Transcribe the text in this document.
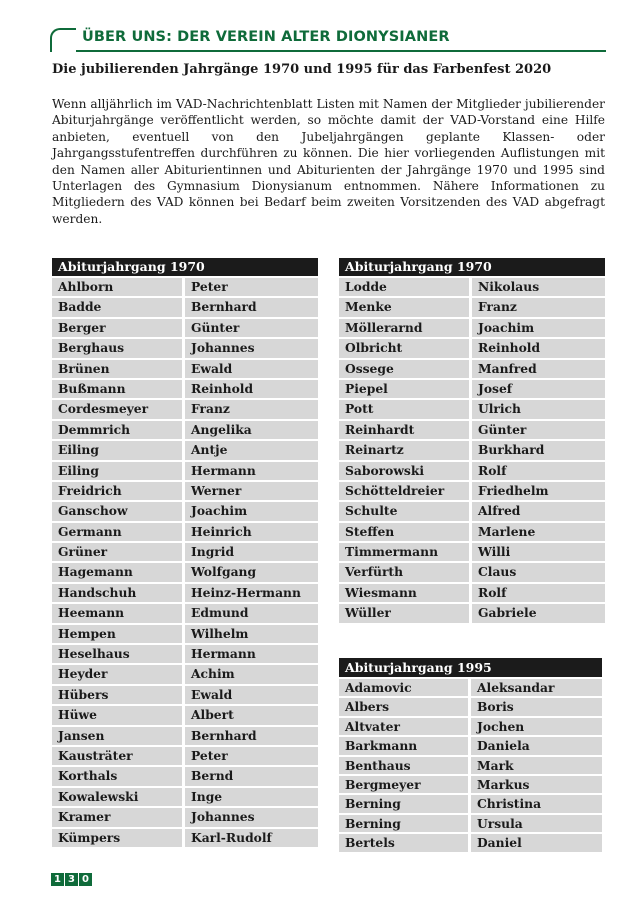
ÜBER UNS: DER VEREIN ALTER DIONYSIANER
Die jubilierenden Jahrgänge 1970 und 1995 für das Farbenfest 2020

Wenn alljährlich im VAD-Nachrichtenblatt Listen mit Namen der Mitglieder jubilierender Abiturjahrgänge veröffentlicht werden, so möchte damit der VAD-Vorstand eine Hilfe anbieten, eventuell von den Jubeljahrgängen geplante Klassen- oder Jahrgangsstufentreffen durchführen zu können. Die hier vorliegenden Auflistungen mit den Namen aller Abiturientinnen und Abiturienten der Jahrgänge 1970 und 1995 sind Unterlagen des Gymnasium Dionysianum entnommen. Nähere Informationen zu Mitgliedern des VAD können bei Bedarf beim zweiten Vorsitzenden des VAD abgefragt werden.

Abiturjahrgang 1970
Ahlborn	Peter
Badde	Bernhard
Berger	Günter
Berghaus	Johannes
Brünen	Ewald
Bußmann	Reinhold
Cordesmeyer	Franz
Demmrich	Angelika
Eiling	Antje
Eiling	Hermann
Freidrich	Werner
Ganschow	Joachim
Germann	Heinrich
Grüner	Ingrid
Hagemann	Wolfgang
Handschuh	Heinz-Hermann
Heemann	Edmund
Hempen	Wilhelm
Heselhaus	Hermann
Heyder	Achim
Hübers	Ewald
Hüwe	Albert
Jansen	Bernhard
Kausträter	Peter
Korthals	Bernd
Kowalewski	Inge
Kramer	Johannes
Kümpers	Karl-Rudolf
Abiturjahrgang 1970
Lodde	Nikolaus
Menke	Franz
Möllerarnd	Joachim
Olbricht	Reinhold
Ossege	Manfred
Piepel	Josef
Pott	Ulrich
Reinhardt	Günter
Reinartz	Burkhard
Saborowski	Rolf
Schötteldreier	Friedhelm
Schulte	Alfred
Steffen	Marlene
Timmermann	Willi
Verfürth	Claus
Wiesmann	Rolf
Wüller	Gabriele
Abiturjahrgang 1995
Adamovic	Aleksandar
Albers	Boris
Altvater	Jochen
Barkmann	Daniela
Benthaus	Mark
Bergmeyer	Markus
Berning	Christina
Berning	Ursula
Bertels	Daniel
1 3 0
